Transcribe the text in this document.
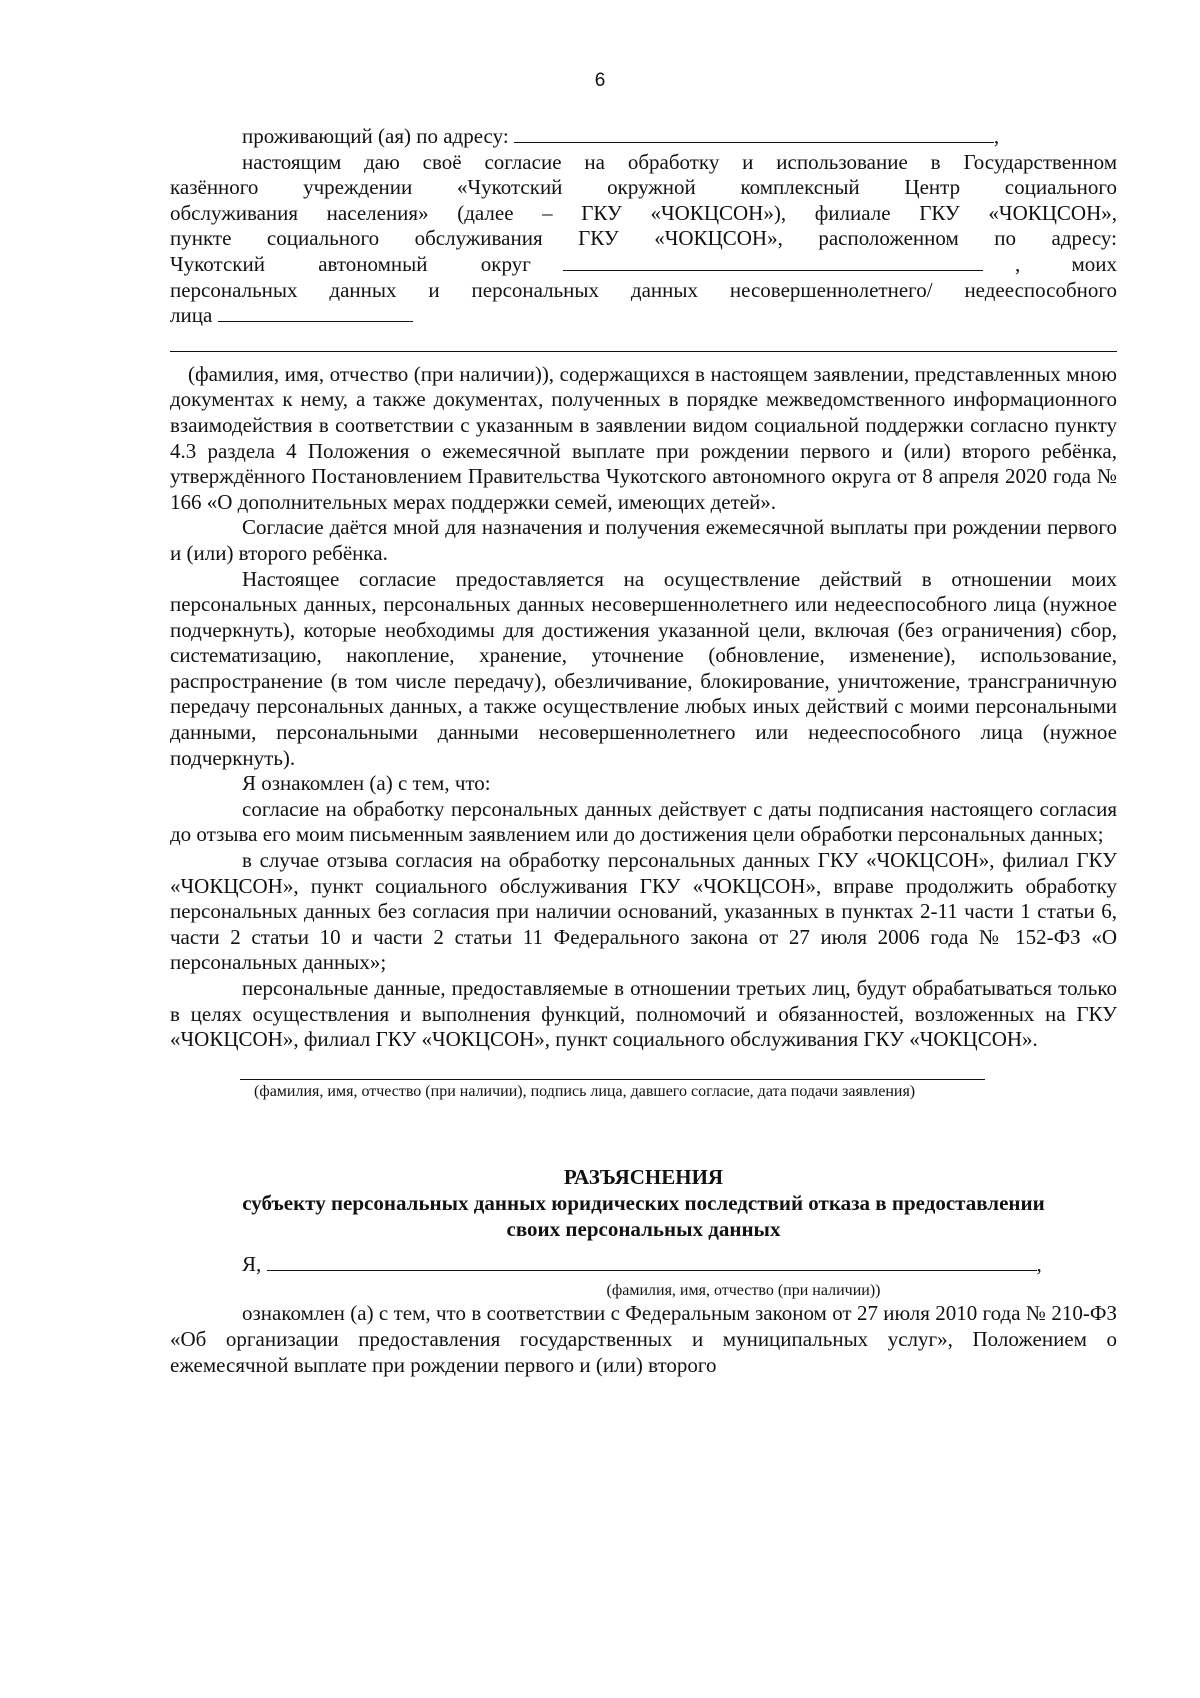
6
проживающий (ая) по адресу:	,
настоящим даю своё согласие на обработку и использование в Государственном
казённого учреждении «Чукотский окружной комплексный Центр социального
обслуживания населения» (далее – ГКУ «ЧОКЦСОН»), филиале ГКУ «ЧОКЦСОН»,
пункте социального обслуживания ГКУ «ЧОКЦСОН», расположенном по адресу:
Чукотский автономный округ	, моих
персональных данных и персональных данных несовершеннолетнего/ недееспособного
лица

(фамилия, имя, отчество (при наличии)), содержащихся в настоящем заявлении, представленных мною документах к нему, а также документах, полученных в порядке межведомственного информационного взаимодействия в соответствии с указанным в заявлении видом социальной поддержки согласно пункту 4.3 раздела 4 Положения о ежемесячной выплате при рождении первого и (или) второго ребёнка, утверждённого Постановлением Правительства Чукотского автономного округа от 8 апреля 2020 года № 166 «О дополнительных мерах поддержки семей, имеющих детей».

Согласие даётся мной для назначения и получения ежемесячной выплаты при рождении первого и (или) второго ребёнка.

Настоящее согласие предоставляется на осуществление действий в отношении моих персональных данных, персональных данных несовершеннолетнего или недееспособного лица (нужное подчеркнуть), которые необходимы для достижения указанной цели, включая (без ограничения) сбор, систематизацию, накопление, хранение, уточнение (обновление, изменение), использование, распространение (в том числе передачу), обезличивание, блокирование, уничтожение, трансграничную передачу персональных данных, а также осуществление любых иных действий с моими персональными данными, персональными данными несовершеннолетнего или недееспособного лица (нужное подчеркнуть).

Я ознакомлен (а) с тем, что:

согласие на обработку персональных данных действует с даты подписания настоящего согласия до отзыва его моим письменным заявлением или до достижения цели обработки персональных данных;

в случае отзыва согласия на обработку персональных данных ГКУ «ЧОКЦСОН», филиал ГКУ «ЧОКЦСОН», пункт социального обслуживания ГКУ «ЧОКЦСОН», вправе продолжить обработку персональных данных без согласия при наличии оснований, указанных в пунктах 2-11 части 1 статьи 6, части 2 статьи 10 и части 2 статьи 11 Федерального закона от 27 июля 2006 года № 152-ФЗ «О персональных данных»;

персональные данные, предоставляемые в отношении третьих лиц, будут обрабатываться только в целях осуществления и выполнения функций, полномочий и обязанностей, возложенных на ГКУ «ЧОКЦСОН», филиал ГКУ «ЧОКЦСОН», пункт социального обслуживания ГКУ «ЧОКЦСОН».

(фамилия, имя, отчество (при наличии), подпись лица, давшего согласие, дата подачи заявления)
РАЗЪЯСНЕНИЯ
субъекту персональных данных юридических последствий отказа в предоставлении
своих персональных данных
Я,	,
(фамилия, имя, отчество (при наличии))

ознакомлен (а) с тем, что в соответствии с Федеральным законом от 27 июля 2010 года № 210-ФЗ «Об организации предоставления государственных и муниципальных услуг», Положением о ежемесячной выплате при рождении первого и (или) второго
